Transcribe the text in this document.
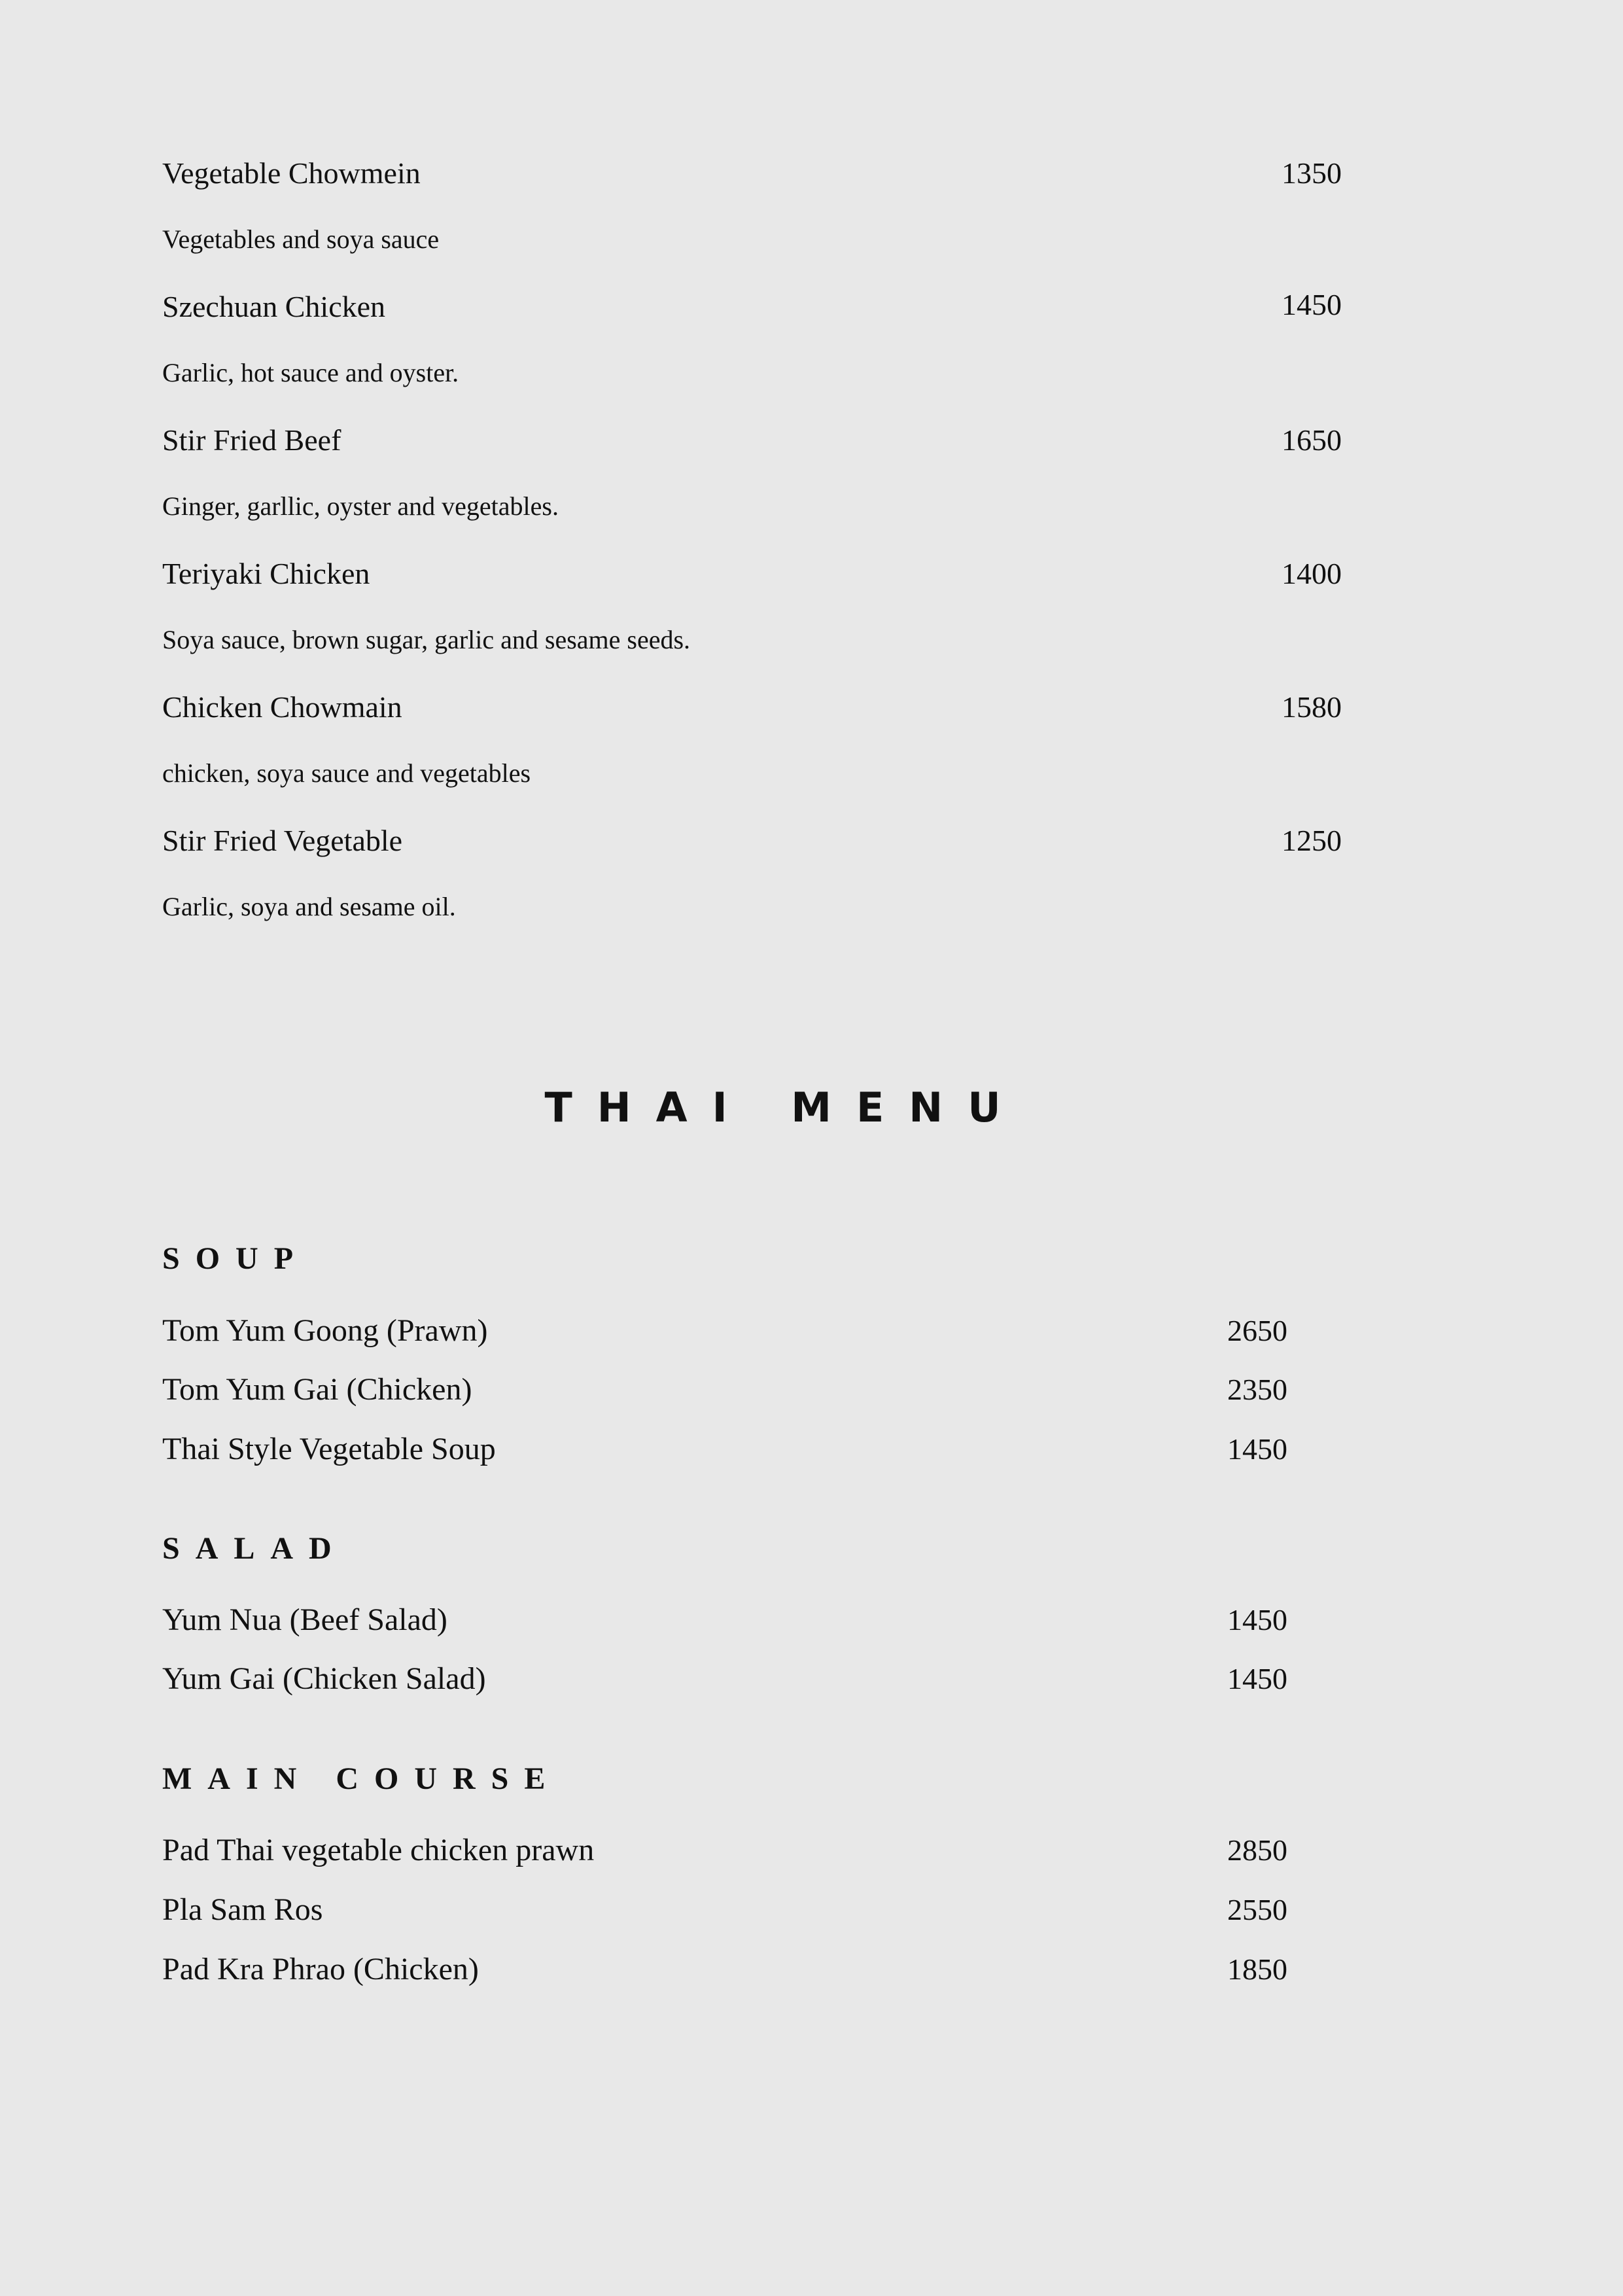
Vegetable Chowmein	1350
Vegetables and soya sauce
Szechuan Chicken	1450
Garlic, hot sauce and oyster.
Stir Fried Beef	1650
Ginger, garllic, oyster and vegetables.
Teriyaki Chicken	1400
Soya sauce, brown sugar, garlic and sesame seeds.
Chicken Chowmain	1580
chicken, soya sauce and vegetables
Stir Fried Vegetable	1250
Garlic, soya and sesame oil.
THAI MENU
SOUP
Tom Yum Goong (Prawn)	2650
Tom Yum Gai (Chicken)	2350
Thai Style Vegetable Soup	1450
SALAD
Yum Nua (Beef Salad)	1450
Yum Gai (Chicken Salad)	1450
MAIN COURSE
Pad Thai vegetable chicken prawn	2850
Pla Sam Ros	2550
Pad Kra Phrao (Chicken)	1850
